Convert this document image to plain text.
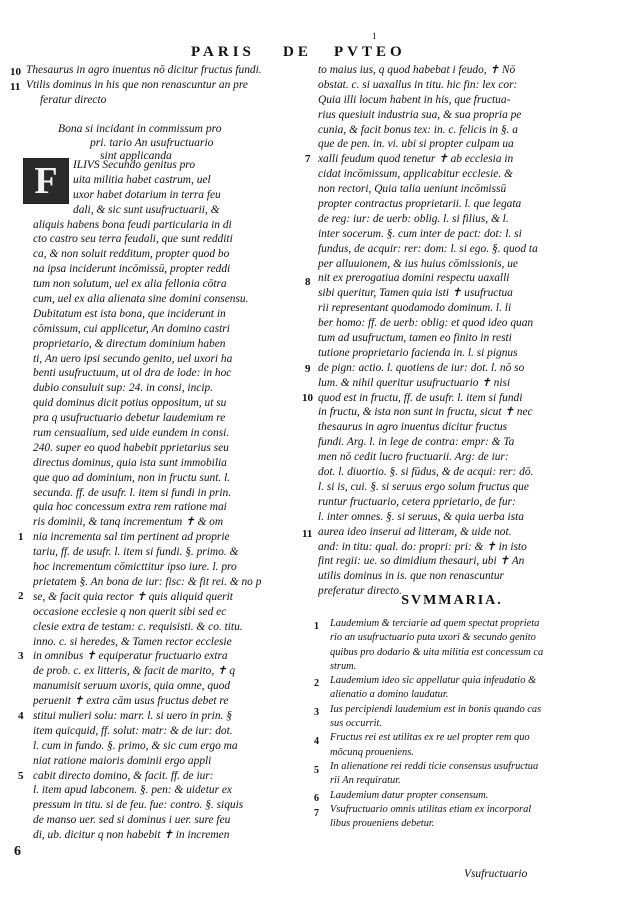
PARIS DE PVTEO
1
10
11
Thesaurus in agro inuentus nō dicitur fructus fundi.
Vtilis dominus in his que non renascuntur an pre
feratur directo
Bona si incidant in commissum pro
pri. tario An usufructuario
sint applicanda
F	ILIVS Secundo genitus pro
uita militia habet castrum, uel
uxor habet dotarium in terra feu
dali, & sic sunt usufructuarii, &
aliquis habens bona feudi particularia in di
cto castro seu terra feudali, que sunt redditi
ca, & non soluit redditum, propter quod bo
na ipsa inciderunt incōmissū, propter reddi
tum non solutum, uel ex alia fellonia cōtra
cum, uel ex alia alienata sine domini consensu.
Dubitatum est ista bona, que inciderunt in
cōmissum, cui applicetur, An domino castri
proprietario, & directum dominium haben
ti, An uero ipsi secundo genito, uel uxori ha
benti usufructuum, ut ol dra de lode: in hoc
dubio consuluit sup: 24. in consi, incip.
quid dominus dicit potius oppositum, ut su
pra q usufructuario debetur laudemium re
rum censualium, sed uide eundem in consi.
240. super eo quod habebit pprietarius seu
directus dominus, quia ista sunt immobilia
que quo ad dominium, non in fructu sunt. l.
secunda. ff. de usufr. l. item si fundi in prin.
quia hoc concessum extra rem ratione mai
ris dominii, & tanq incrementum ✝ & om
nia incrementa sal tim pertinent ad proprie
tariu, ff. de usufr. l. item si fundi. §. primo. &
hoc incrementum cōmicttitur ipso iure. l. pro
prietatem §. An bona de iur: fisc: & fit rei. & no p
se, & facit quia rector ✝ quis aliquid querit
occasione ecclesie q non querit sibi sed ec
clesie extra de testam: c. requisisti. & co. titu.
inno. c. si heredes, & Tamen rector ecclesie
in omnibus ✝ equiperatur fructuario extra
de prob. c. ex litteris, & facit de marito, ✝ q
manumisit seruum uxoris, quia omne, quod
peruenit ✝ extra cām usus fructus debet re
stitui mulieri solu: marr. l. si uero in prin. §
item quicquid, ff. solut: matr: & de iur: dot.
l. cum in fundo. §. primo, & sic cum ergo ma
niat ratione maioris dominii ergo appli
cabit directo domino, & facit. ff. de iur:
l. item apud labconem. §. pen: & uidetur ex
pressum in titu. si de feu. fue: contro. §. siquis
de manso uer. sed si dominus i uer. sure feu
di, ub. dicitur q non habebit ✝ in incremen
1
2
3
4
5
6
to maius ius, q quod habebat i feudo, ✝ Nō
obstat. c. si uaxallus in titu. hic fin: lex cor:
Quia illi locum habent in his, que fructua-
rius quesiuit industria sua, & sua propria pe
cunia, & facit bonus tex: in. c. felicis in §. a
que de pen. in. vi. ubi si propter culpam ua
xalli feudum quod tenetur ✝ ab ecclesia in
cidat incōmissum, applicabitur ecclesie. &
non rectori, Quia talia ueniunt incōmissū
propter contractus proprietarii. l. que legata
de reg: iur: de uerb: oblig. l. si filius, & l.
inter socerum. §. cum inter de pact: dot: l. si
fundus, de acquir: rer: dom: l. si ego. §. quod ta
per alluuionem, & ius huius cōmissionis, ue
nit ex prerogatiua domini respectu uaxalli
sibi queritur, Tamen quia isti ✝ usufructua
rii representant quodamodo dominum. l. li
ber homo: ff. de uerb: oblig: et quod ideo quan
tum ad usufructum, tamen eo finito in resti
tutione proprietario facienda in. l. si pignus
de pign: actio. l. quotiens de iur: dot. l. nō so
lum. & nihil queritur usufructuario ✝ nisi
quod est in fructu, ff. de usufr. l. item si fundi
in fructu, & ista non sunt in fructu, sicut ✝ nec
thesaurus in agro inuentus dicitur fructus
fundi. Arg. l. in lege de contra: empr: & Ta
men nō cedit lucro fructuarii. Arg: de iur:
dot. l. diuortio. §. si fūdus, & de acqui: rer: dō.
l. si is, cui. §. si seruus ergo solum fructus que
runtur fructuario, cetera pprietario, de fur:
l. inter omnes. §. si seruus, & quia uerba ista
aurea ideo inserui ad litteram, & uide not.
and: in titu: qual. do: propri: pri: & ✝ in isto
fint regii: ue. so dimidium thesauri, ubi ✝ An
utilis dominus in is. que non renascuntur
preferatur directo.
7
8
9
10
11
SVMMARIA.
Laudemium & terciarie ad quem spectat proprieta
rio an usufructuario puta uxori & secundo genito
quibus pro dodario & uita militia est concessum ca
strum.
Laudemium ideo sic appellatur quia infeudatio &
alienatio a domino laudatur.
Ius percipiendi laudemium est in bonis quando cas
sus occurrit.
Fructus rei est utilitas ex re uel propter rem quo
mōcunq proueniens.
In alienatione rei reddi ticie consensus usufructua
rii An requiratur.
Laudemium datur propter consensum.
Vsufructuario omnis utilitas etiam ex incorporal
libus proueniens debetur.
1
2
3
4
5
6
7
Vsufructuario
